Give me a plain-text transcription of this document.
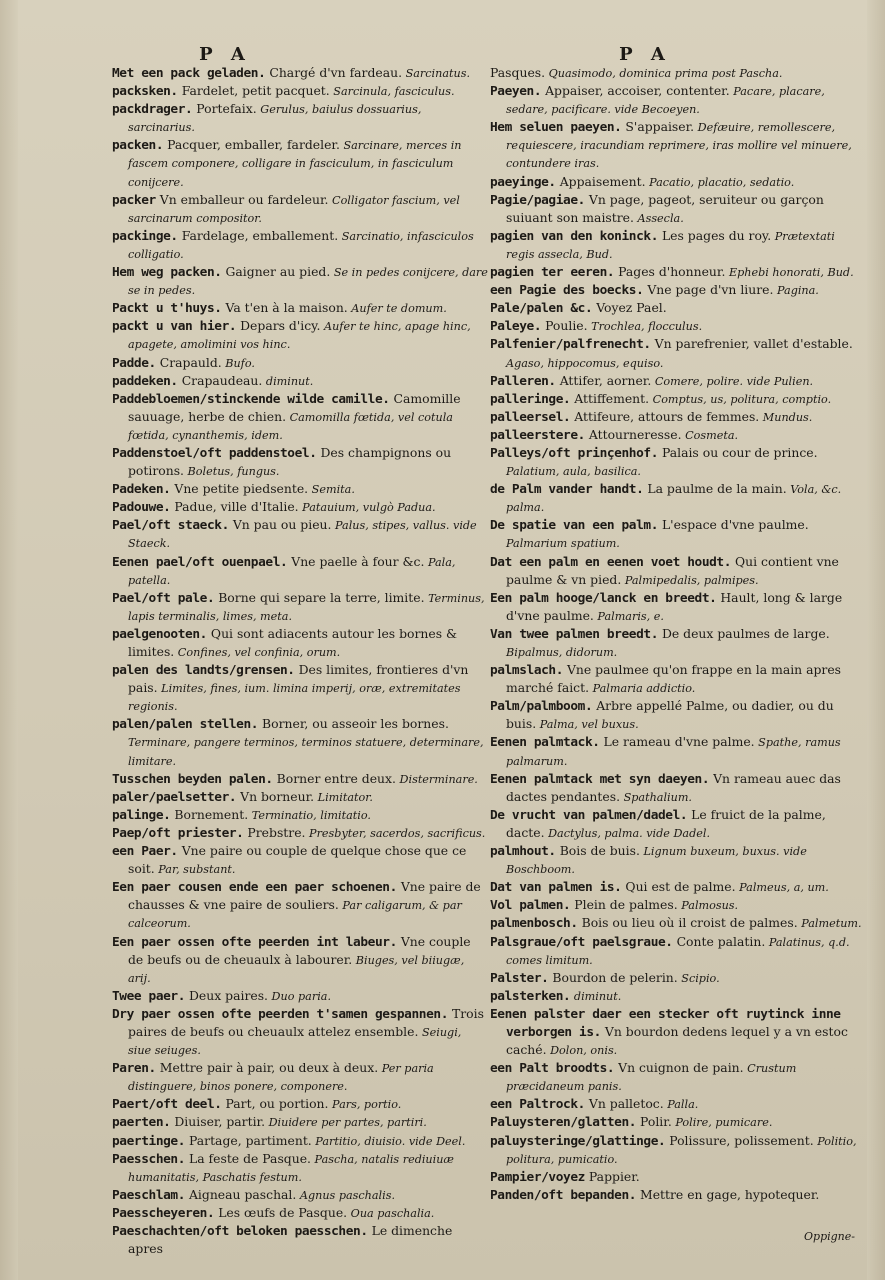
P A	P A

Met een pack geladen. Chargé d'vn fardeau. Sarcinatus.

packsken. Fardelet, petit pacquet. Sarcinula, fasciculus.

packdrager. Portefaix. Gerulus, baiulus dossuarius, sarcinarius.

packen. Pacquer, emballer, fardeler. Sarcinare, merces in fascem componere, colligare in fasciculum, in fasciculum conijcere.

packer Vn emballeur ou fardeleur. Colligator fascium, vel sarcinarum compositor.

packinge. Fardelage, emballement. Sarcinatio, infasciculos colligatio.

Hem weg packen. Gaigner au pied. Se in pedes conijcere, dare se in pedes.

Packt u t'huys. Va t'en à la maison. Aufer te domum.

packt u van hier. Depars d'icy. Aufer te hinc, apage hinc, apagete, amolimini vos hinc.

Padde. Crapauld. Bufo.

paddeken. Crapaudeau. diminut.

Paddebloemen/stinckende wilde camille. Camomille sauuage, herbe de chien. Camomilla fœtida, vel cotula fœtida, cynanthemis, idem.

Paddenstoel/oft paddenstoel. Des champignons ou potirons. Boletus, fungus.

Padeken. Vne petite piedsente. Semita.

Padouwe. Padue, ville d'Italie. Patauium, vulgò Padua.

Pael/oft staeck. Vn pau ou pieu. Palus, stipes, vallus. vide Staeck.

Eenen pael/oft ouenpael. Vne paelle à four &c. Pala, patella.

Pael/oft pale. Borne qui separe la terre, limite. Terminus, lapis terminalis, limes, meta.

paelgenooten. Qui sont adiacents autour les bornes & limites. Confines, vel confinia, orum.

palen des landts/grensen. Des limites, frontieres d'vn pais. Limites, fines, ium. limina imperij, oræ, extremitates regionis.

palen/palen stellen. Borner, ou asseoir les bornes. Terminare, pangere terminos, terminos statuere, determinare, limitare.

Tusschen beyden palen. Borner entre deux. Disterminare.

paler/paelsetter. Vn borneur. Limitator.

palinge. Bornement. Terminatio, limitatio.

Paep/oft priester. Prebstre. Presbyter, sacerdos, sacrificus.

een Paer. Vne paire ou couple de quelque chose que ce soit. Par, substant.

Een paer cousen ende een paer schoenen. Vne paire de chausses & vne paire de souliers. Par caligarum, & par calceorum.

Een paer ossen ofte peerden int labeur. Vne couple de beufs ou de cheuaulx à labourer. Biuges, vel biiugæ, arij.

Twee paer. Deux paires. Duo paria.

Dry paer ossen ofte peerden t'samen gespannen. Trois paires de beufs ou cheuaulx attelez ensemble. Seiugi, siue seiuges.

Paren. Mettre pair à pair, ou deux à deux. Per paria distinguere, binos ponere, componere.

Paert/oft deel. Part, ou portion. Pars, portio.

paerten. Diuiser, partir. Diuidere per partes, partiri.

paertinge. Partage, partiment. Partitio, diuisio. vide Deel.

Paesschen. La feste de Pasque. Pascha, natalis rediuiuæ humanitatis, Paschatis festum.

Paeschlam. Aigneau paschal. Agnus paschalis.

Paesscheyeren. Les œufs de Pasque. Oua paschalia.

Paeschachten/oft beloken paesschen. Le dimenche apres

Pasques. Quasimodo, dominica prima post Pascha.

Paeyen. Appaiser, accoiser, contenter. Pacare, placare, sedare, pacificare. vide Becoeyen.

Hem seluen paeyen. S'appaiser. Defæuire, remollescere, requiescere, iracundiam reprimere, iras mollire vel minuere, contundere iras.

paeyinge. Appaisement. Pacatio, placatio, sedatio.

Pagie/pagiae. Vn page, pageot, seruiteur ou garçon suiuant son maistre. Assecla.

pagien van den koninck. Les pages du roy. Prætextati regis assecla, Bud.

pagien ter eeren. Pages d'honneur. Ephebi honorati, Bud.

een Pagie des boecks. Vne page d'vn liure. Pagina.

Pale/palen &c. Voyez Pael.

Paleye. Poulie. Trochlea, flocculus.

Palfenier/palfrenecht. Vn parefrenier, vallet d'estable. Agaso, hippocomus, equiso.

Palleren. Attifer, aorner. Comere, polire. vide Pulien.

palleringe. Attiffement. Comptus, us, politura, comptio.

palleersel. Attifeure, attours de femmes. Mundus.

palleerstere. Attourneresse. Cosmeta.

Palleys/oft prinçenhof. Palais ou cour de prince. Palatium, aula, basilica.

de Palm vander handt. La paulme de la main. Vola, &c. palma.

De spatie van een palm. L'espace d'vne paulme. Palmarium spatium.

Dat een palm en eenen voet houdt. Qui contient vne paulme & vn pied. Palmipedalis, palmipes.

Een palm hooge/lanck en breedt. Hault, long & large d'vne paulme. Palmaris, e.

Van twee palmen breedt. De deux paulmes de large. Bipalmus, didorum.

palmslach. Vne paulmee qu'on frappe en la main apres marché faict. Palmaria addictio.

Palm/palmboom. Arbre appellé Palme, ou dadier, ou du buis. Palma, vel buxus.

Eenen palmtack. Le rameau d'vne palme. Spathe, ramus palmarum.

Eenen palmtack met syn daeyen. Vn rameau auec das dactes pendantes. Spathalium.

De vrucht van palmen/dadel. Le fruict de la palme, dacte. Dactylus, palma. vide Dadel.

palmhout. Bois de buis. Lignum buxeum, buxus. vide Boschboom.

Dat van palmen is. Qui est de palme. Palmeus, a, um.

Vol palmen. Plein de palmes. Palmosus.

palmenbosch. Bois ou lieu où il croist de palmes. Palmetum.

Palsgraue/oft paelsgraue. Conte palatin. Palatinus, q.d. comes limitum.

Palster. Bourdon de pelerin. Scipio.

palsterken. diminut.

Eenen palster daer een stecker oft ruytinck inne verborgen is. Vn bourdon dedens lequel y a vn estoc caché. Dolon, onis.

een Palt broodts. Vn cuignon de pain. Crustum præcidaneum panis.

een Paltrock. Vn palletoc. Palla.

Paluysteren/glatten. Polir. Polire, pumicare.

paluysteringe/glattinge. Polissure, polissement. Politio, politura, pumicatio.

Pampier/voyez Pappier.

Panden/oft bepanden. Mettre en gage, hypotequer.

Oppigne-
